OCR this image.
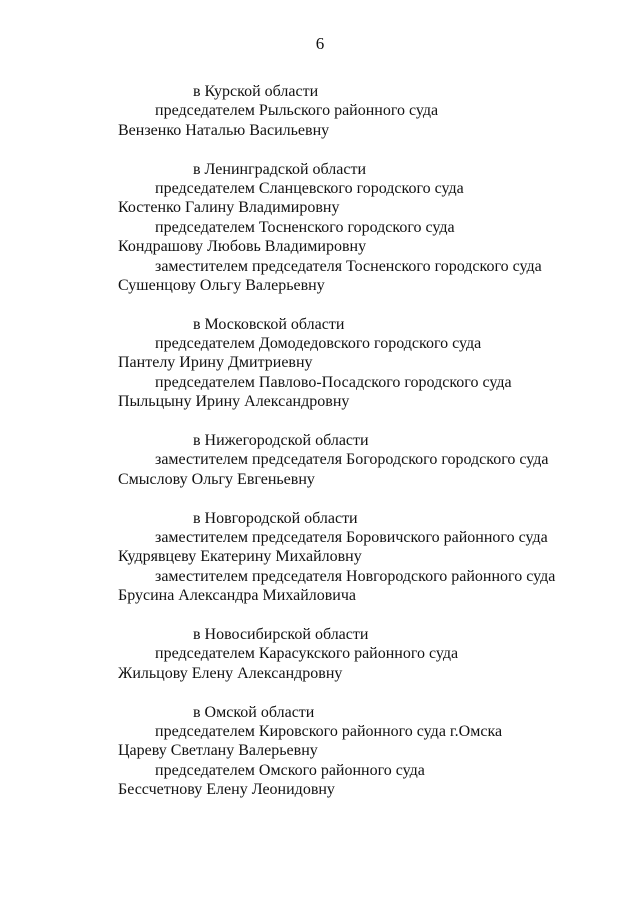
6
в Курской области
председателем Рыльского районного суда
Вензенко Наталью Васильевну
в Ленинградской области
председателем Сланцевского городского суда
Костенко Галину Владимировну
председателем Тосненского городского суда
Кондрашову Любовь Владимировну
заместителем председателя Тосненского городского суда
Сушенцову Ольгу Валерьевну
в Московской области
председателем Домодедовского городского суда
Пантелу Ирину Дмитриевну
председателем Павлово-Посадского городского суда
Пыльцыну Ирину Александровну
в Нижегородской области
заместителем председателя Богородского городского суда
Смыслову Ольгу Евгеньевну
в Новгородской области
заместителем председателя Боровичского районного суда
Кудрявцеву Екатерину Михайловну
заместителем председателя Новгородского районного суда
Брусина Александра Михайловича
в Новосибирской области
председателем Карасукского районного суда
Жильцову Елену Александровну
в Омской области
председателем Кировского районного суда г.Омска
Цареву Светлану Валерьевну
председателем Омского районного суда
Бессчетнову Елену Леонидовну
